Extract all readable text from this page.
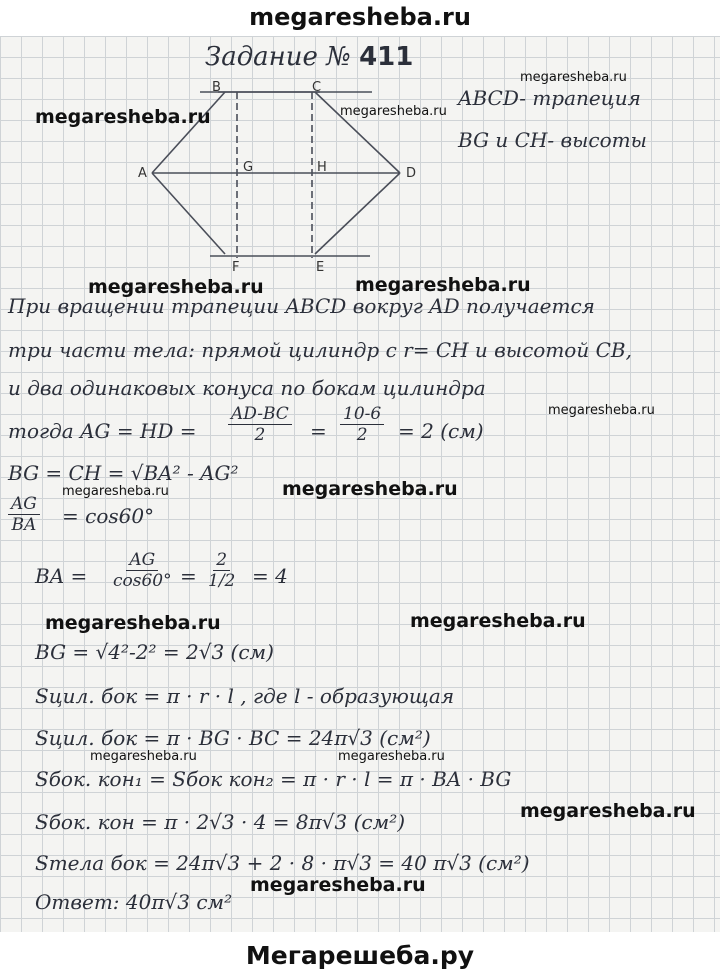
megaresheba.ru
B	C
A	D
G	H
F	E
Задание № 411
ABCD- трапеция
BG и CH- высоты
При вращении трапеции ABCD вокруг AD получается
три части тела: прямой цилиндр с r= CH и высотой CB,
и два одинаковых конуса по бокам цилиндра
тогда AG = HD = $\frac{AD-BC}{2} = \frac{10-6}{2} = 2$ (см)
BG = CH = √BA² - AG²
$\frac{AG}{BA} = \cos 60^\circ$
BA = $\frac{AG}{\cos 60^\circ} = \frac{2}{1/2} = 4$
BG = √4²-2² = 2√3 (см)
Sцил. бок = π · r · l , где l - образующая
Sцил. бок = π · BG · BC = 24π√3 (см²)
Sбок. кон₁ = Sбок кон₂ = π · r · l = π · BA · BG
Sбок. кон = π · 2√3 · 4 = 8π√3 (см²)
Sтела бок = 24π√3 + 2 · 8 · π√3 = 40 π√3 (см²)
Ответ: 40π√3 см²
megaresheba.ru
megaresheba.ru	megaresheba.ru
megaresheba.ru	megaresheba.ru
megaresheba.ru
megaresheba.ru	megaresheba.ru
megaresheba.ru	megaresheba.ru
megaresheba.ru	megaresheba.ru
megaresheba.ru
megaresheba.ru
Мегарешеба.ру
